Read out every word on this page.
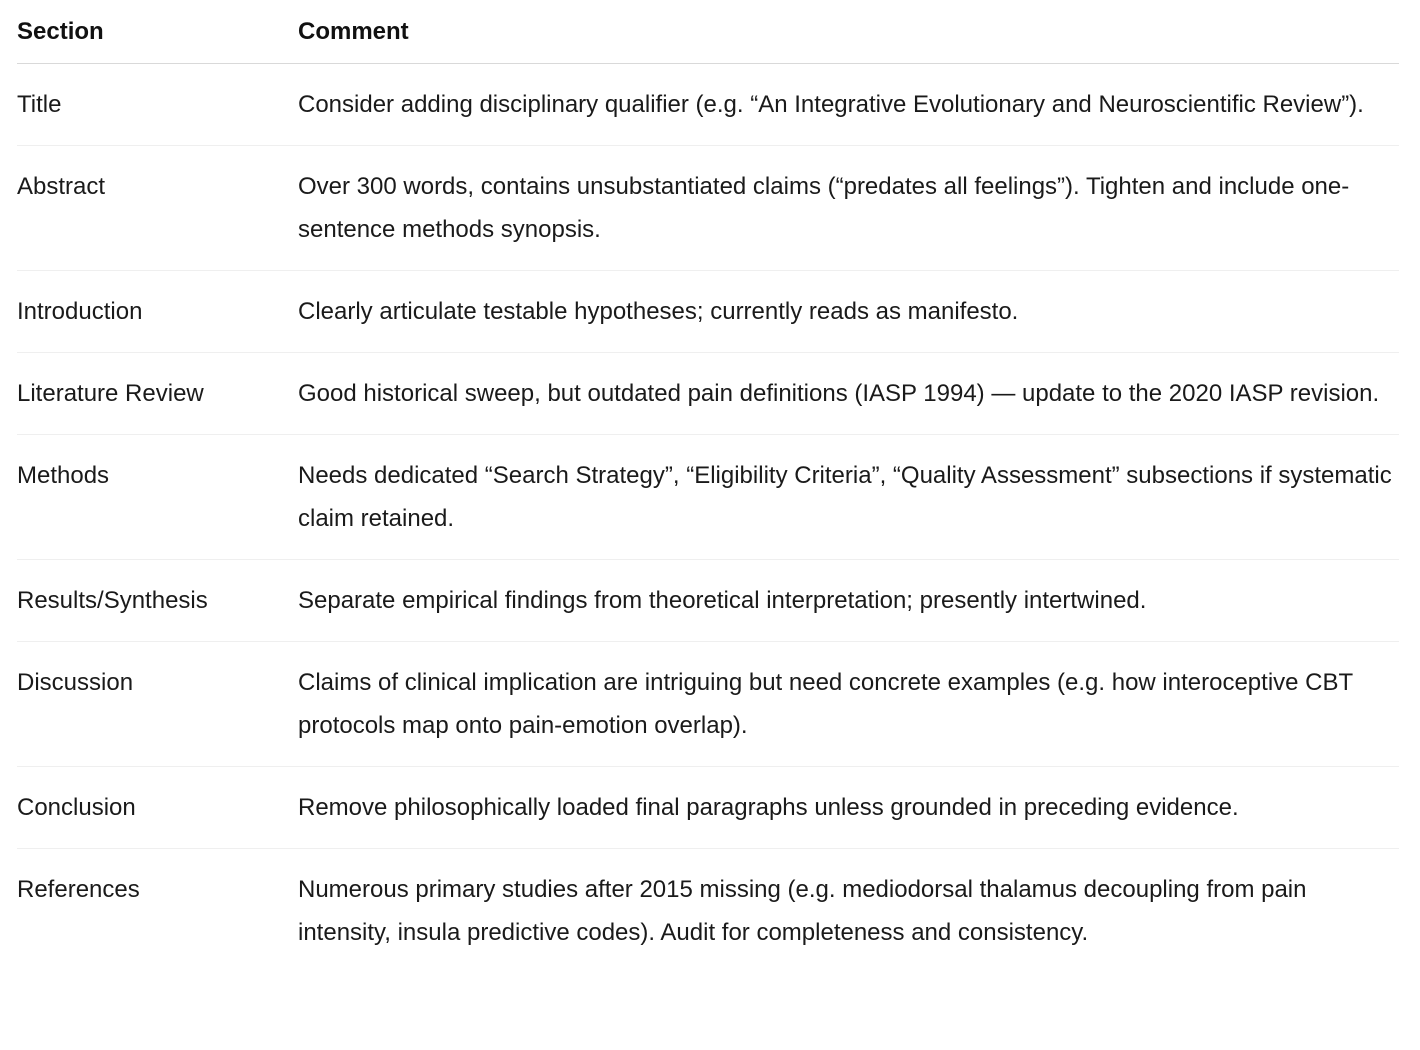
Section	Comment
Title	Consider adding disciplinary qualifier (e.g. “An Integrative Evolutionary and Neuroscientific Review”).
Abstract	Over 300 words, contains unsubstantiated claims (“predates all feelings”). Tighten and include one-sentence methods synopsis.
Introduction	Clearly articulate testable hypotheses; currently reads as manifesto.
Literature Review	Good historical sweep, but outdated pain definitions (IASP 1994) — update to the 2020 IASP revision.
Methods	Needs dedicated “Search Strategy”, “Eligibility Criteria”, “Quality Assessment” subsections if systematic claim retained.
Results/Synthesis	Separate empirical findings from theoretical interpretation; presently intertwined.
Discussion	Claims of clinical implication are intriguing but need concrete examples (e.g. how interoceptive CBT protocols map onto pain-emotion overlap).
Conclusion	Remove philosophically loaded final paragraphs unless grounded in preceding evidence.
References	Numerous primary studies after 2015 missing (e.g. mediodorsal thalamus decoupling from pain intensity, insula predictive codes). Audit for completeness and consistency.
